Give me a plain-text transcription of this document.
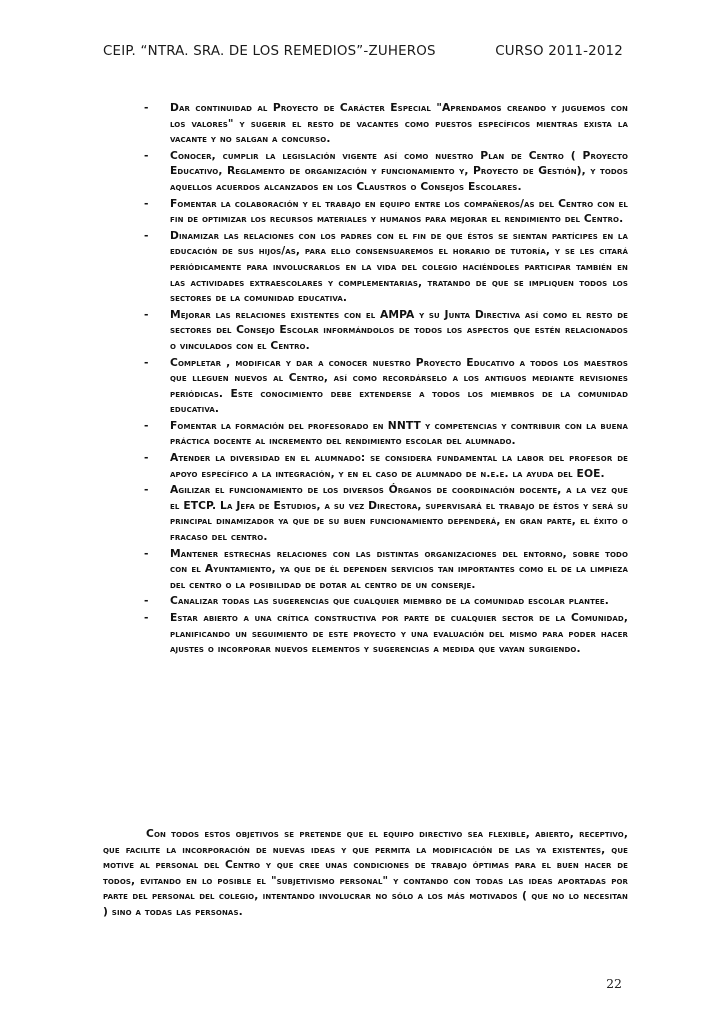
CEIP. “NTRA. SRA. DE LOS REMEDIOS”-ZUHEROS	CURSO 2011-2012
- Dar continuidad al Proyecto de Carácter Especial "Aprendamos creando y juguemos con los valores" y sugerir el resto de vacantes como puestos específicos mientras exista la vacante y no salgan a concurso.
- Conocer, cumplir la legislación vigente así como nuestro Plan de Centro ( Proyecto Educativo, Reglamento de organización y funcionamiento y, Proyecto de Gestión), y todos aquellos acuerdos alcanzados en los Claustros o Consejos Escolares.
- Fomentar la colaboración y el trabajo en equipo entre los compañeros/as del Centro con el fin de optimizar los recursos materiales y humanos para mejorar el rendimiento del Centro.
- Dinamizar las relaciones con los padres con el fin de que éstos se sientan partícipes en la educación de sus hijos/as, para ello consensuaremos el horario de tutoría, y se les citará periódicamente para involucrarlos en la vida del colegio haciéndoles participar también en las actividades extraescolares y complementarias, tratando de que se impliquen todos los sectores de la comunidad educativa.
- Mejorar las relaciones existentes con el AMPA y su Junta Directiva así como el resto de sectores del Consejo Escolar informándolos de todos los aspectos que estén relacionados o vinculados con el Centro.
- Completar , modificar y dar a conocer nuestro Proyecto Educativo a todos los maestros que lleguen nuevos al Centro, así como recordárselo a los antiguos mediante revisiones periódicas. Este conocimiento debe extenderse a todos los miembros de la comunidad educativa.
- Fomentar la formación del profesorado en NNTT y competencias y contribuir con la buena práctica docente al incremento del rendimiento escolar del alumnado.
- Atender la diversidad en el alumnado: se considera fundamental la labor del profesor de apoyo específico a la integración, y en el caso de alumnado de n.e.e. la ayuda del EOE.
- Agilizar el funcionamiento de los diversos Órganos de coordinación docente, a la vez que el ETCP. La Jefa de Estudios, a su vez Directora, supervisará el trabajo de éstos y será su principal dinamizador ya que de su buen funcionamiento dependerá, en gran parte, el éxito o fracaso del centro.
- Mantener estrechas relaciones con las distintas organizaciones del entorno, sobre todo con el Ayuntamiento, ya que de él dependen servicios tan importantes como el de la limpieza del centro o la posibilidad de dotar al centro de un conserje.
- Canalizar todas las sugerencias que cualquier miembro de la comunidad escolar plantee.
- Estar abierto a una crítica constructiva por parte de cualquier sector de la Comunidad, planificando un seguimiento de este proyecto y una evaluación del mismo para poder hacer ajustes o incorporar nuevos elementos y sugerencias a medida que vayan surgiendo.

Con todos estos objetivos se pretende que el equipo directivo sea flexible, abierto, receptivo, que facilite la incorporación de nuevas ideas y que permita la modificación de las ya existentes, que motive al personal del Centro y que cree unas condiciones de trabajo óptimas para el buen hacer de todos, evitando en lo posible el "subjetivismo personal" y contando con todas las ideas aportadas por parte del personal del colegio, intentando involucrar no sólo a los más motivados ( que no lo necesitan ) sino a todas las personas.

22
